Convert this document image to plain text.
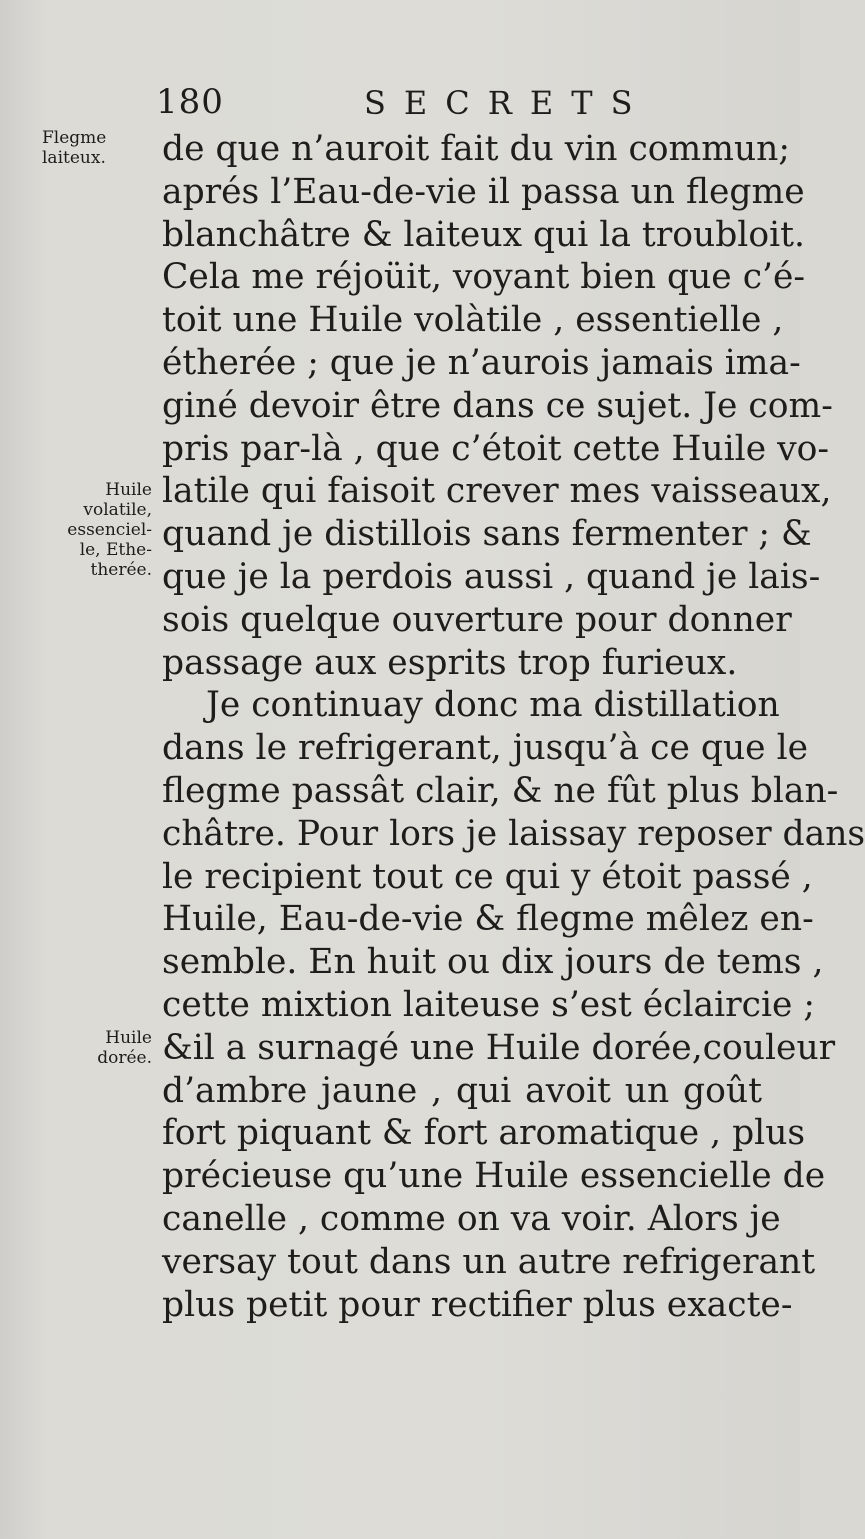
180	SECRETS
Flegme
laiteux.
Huile
volatile,
essenciel-
le, Ethe-
therée.
Huile
dorée.
de que n’auroit fait du vin commun;
aprés l’Eau-de-vie il passa un flegme
blanchâtre & laiteux qui la troubloit.
Cela me réjoüit, voyant bien que c’é-
toit une Huile volàtile , essentielle ,
étherée ; que je n’aurois jamais ima-
giné devoir être dans ce sujet. Je com-
pris par-là , que c’étoit cette Huile vo-
latile qui faisoit crever mes vaisseaux,
quand je distillois sans fermenter ; &
que je la perdois aussi , quand je lais-
sois quelque ouverture pour donner
passage aux esprits trop furieux.
Je continuay donc ma distillation
dans le refrigerant, jusqu’à ce que le
flegme passât clair, & ne fût plus blan-
châtre. Pour lors je laissay reposer dans
le recipient tout ce qui y étoit passé ,
Huile, Eau-de-vie & flegme mêlez en-
semble. En huit ou dix jours de tems ,
cette mixtion laiteuse s’est éclaircie ;
&il a surnagé une Huile dorée,couleur
d’ambre jaune , qui avoit un goût
fort piquant & fort aromatique , plus
précieuse qu’une Huile essencielle de
canelle , comme on va voir. Alors je
versay tout dans un autre refrigerant
plus petit pour rectifier plus exacte-
